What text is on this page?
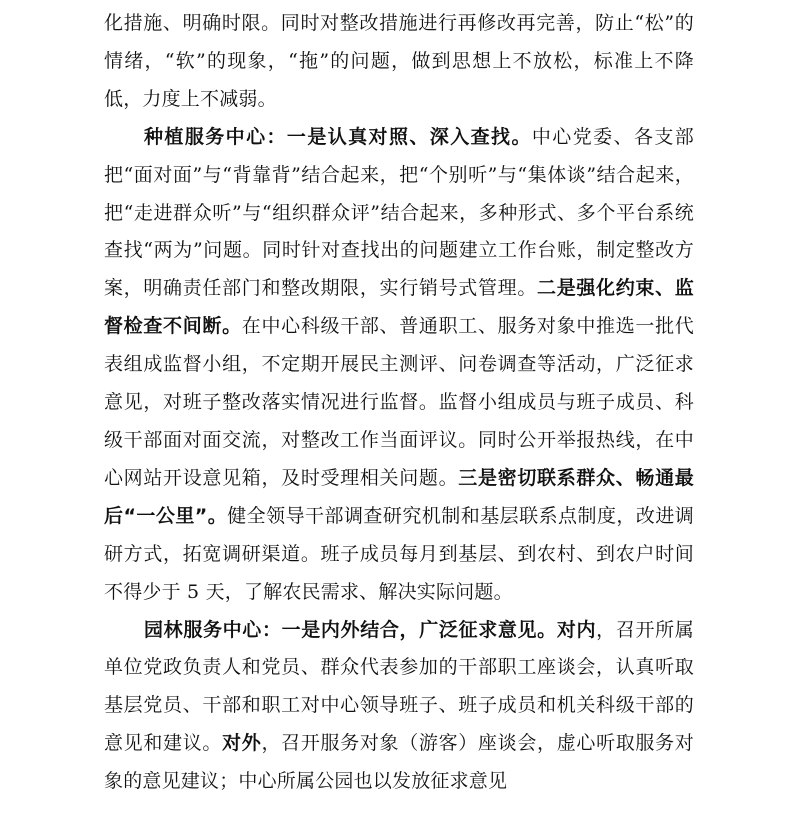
化措施、明确时限。同时对整改措施进行再修改再完善，防止“松”的情绪，“软”的现象，“拖”的问题，做到思想上不放松，标准上不降低，力度上不减弱。

种植服务中心：一是认真对照、深入查找。中心党委、各支部把“面对面”与“背靠背”结合起来，把“个别听”与“集体谈”结合起来，把“走进群众听”与“组织群众评”结合起来，多种形式、多个平台系统查找“两为”问题。同时针对查找出的问题建立工作台账，制定整改方案，明确责任部门和整改期限，实行销号式管理。二是强化约束、监督检查不间断。在中心科级干部、普通职工、服务对象中推选一批代表组成监督小组，不定期开展民主测评、问卷调查等活动，广泛征求意见，对班子整改落实情况进行监督。监督小组成员与班子成员、科级干部面对面交流，对整改工作当面评议。同时公开举报热线，在中心网站开设意见箱，及时受理相关问题。三是密切联系群众、畅通最后“一公里”。健全领导干部调查研究机制和基层联系点制度，改进调研方式，拓宽调研渠道。班子成员每月到基层、到农村、到农户时间不得少于 5 天，了解农民需求、解决实际问题。

园林服务中心：一是内外结合，广泛征求意见。对内，召开所属单位党政负责人和党员、群众代表参加的干部职工座谈会，认真听取基层党员、干部和职工对中心领导班子、班子成员和机关科级干部的意见和建议。对外，召开服务对象（游客）座谈会，虚心听取服务对象的意见建议；中心所属公园也以发放征求意见
